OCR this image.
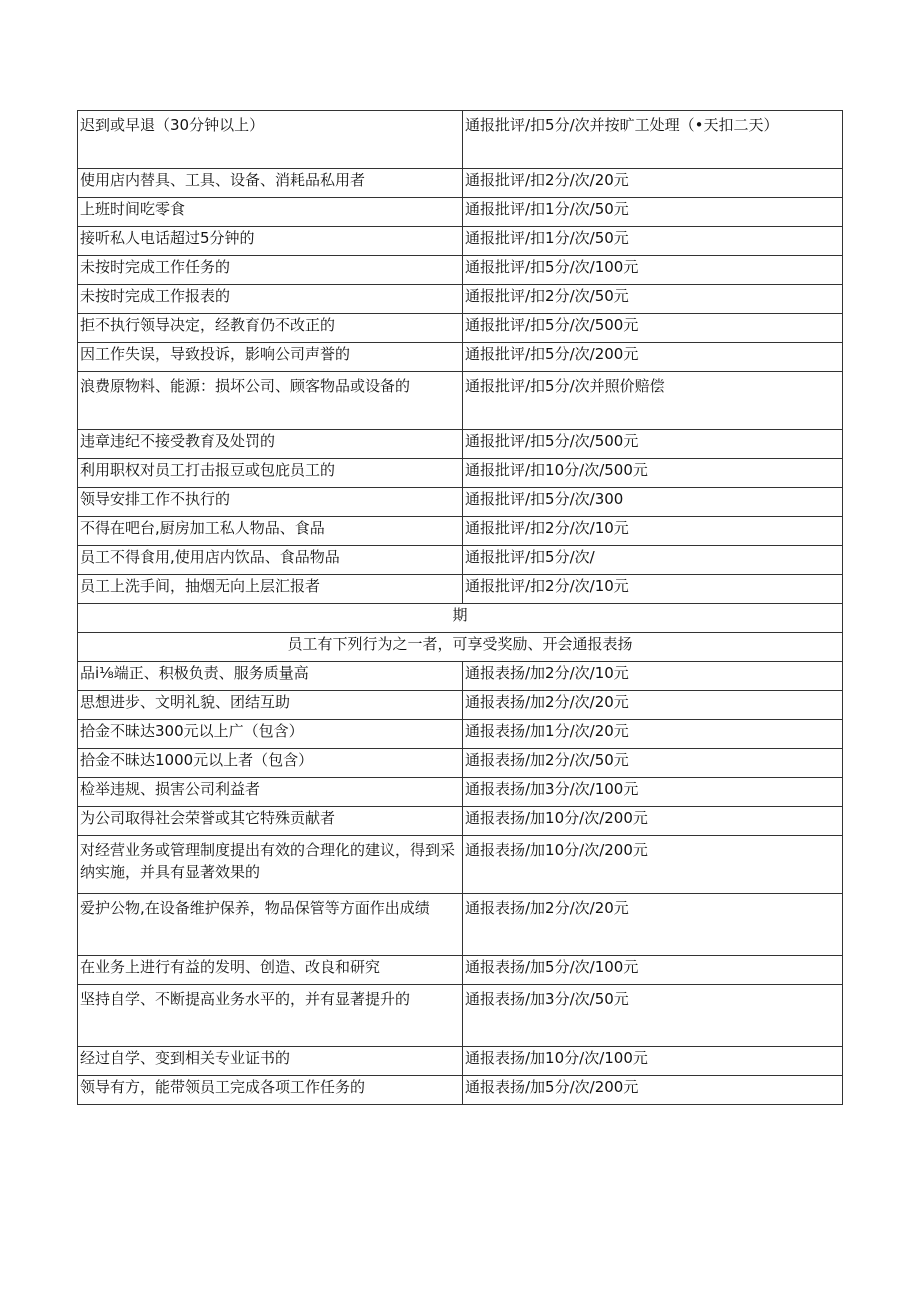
迟到或早退（30分钟以上）	通报批评/扣5分/次并按旷工处理（•天扣二天）
使用店内替具、工具、设备、消耗品私用者	通报批评/扣2分/次/20元
上班时间吃零食	通报批评/扣1分/次/50元
接听私人电话超过5分钟的	通报批评/扣1分/次/50元
未按时完成工作任务的	通报批评/扣5分/次/100元
未按时完成工作报表的	通报批评/扣2分/次/50元
拒不执行领导决定，经教育仍不改正的	通报批评/扣5分/次/500元
因工作失误，导致投诉，影响公司声誉的	通报批评/扣5分/次/200元
浪费原物料、能源：损坏公司、顾客物品或设备的	通报批评/扣5分/次并照价赔偿
违章违纪不接受教育及处罚的	通报批评/扣5分/次/500元
利用职权对员工打击报豆或包庇员工的	通报批评/扣10分/次/500元
领导安排工作不执行的	通报批评/扣5分/次/300
不得在吧台,厨房加工私人物品、食品	通报批评/扣2分/次/10元
员工不得食用,使用店内饮品、食品物品	通报批评/扣5分/次/
员工上洗手间，抽烟无向上层汇报者	通报批评/扣2分/次/10元
期	
员工有下列行为之一者，可享受奖励、开会通报表扬	
品i⅛端正、积极负责、服务质量高	通报表扬/加2分/次/10元
思想进步、文明礼貌、团结互助	通报表扬/加2分/次/20元
拾金不昧达300元以上广（包含）	通报表扬/加1分/次/20元
拾金不昧达1000元以上者（包含）	通报表扬/加2分/次/50元
检举违规、损害公司利益者	通报表扬/加3分/次/100元
为公司取得社会荣誉或其它特殊贡献者	通报表扬/加10分/次/200元
对经营业务或管理制度提出有效的合理化的建议，得到采纳实施，并具有显著效果的	通报表扬/加10分/次/200元
爱护公物,在设备维护保养，物品保管等方面作出成绩	通报表扬/加2分/次/20元
在业务上进行有益的发明、创造、改良和研究	通报表扬/加5分/次/100元
坚持自学、不断提高业务水平的，并有显著提升的	通报表扬/加3分/次/50元
经过自学、变到相关专业证书的	通报表扬/加10分/次/100元
领导有方，能带领员工完成各项工作任务的	通报表扬/加5分/次/200元
